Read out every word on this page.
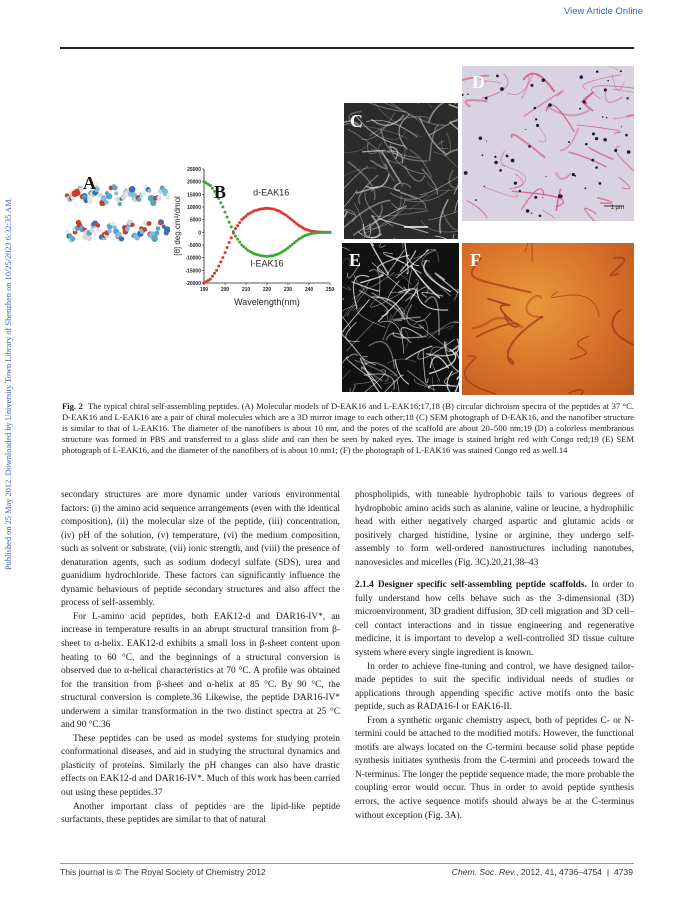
View Article Online
Published on 25 May 2012. Downloaded by University Town Library of Shenzhen on 10/25/2023 6:32:35 AM.
A
25000
20000
15000
10000
5000
0
-5000
-10000
-15000
-20000
190	200	210	220	230	240	250
Wavelength(nm)
[θ] deg.cm²/dmol
d-EAK16
l-EAK16
B
C
D
1 μm
E	F
Fig. 2 The typical chiral self-assembling peptides. (A) Molecular models of D-EAK16 and L-EAK16;17,18 (B) circular dichroism spectra of the peptides at 37 °C. D-EAK16 and L-EAK16 are a pair of chiral molecules which are a 3D mirror image to each other;18 (C) SEM photograph of D-EAK16, and the nanofiber structure is similar to that of L-EAK16. The diameter of the nanofibers is about 10 nm, and the pores of the scaffold are about 20–500 nm;19 (D) a colorless membranous structure was formed in PBS and transferred to a glass slide and can then be seen by naked eyes. The image is stained bright red with Congo red;19 (E) SEM photograph of L-EAK16, and the diameter of the nanofibers of is about 10 nm1; (F) the photograph of L-EAK16 was stained Congo red as well.14

secondary structures are more dynamic under various environmental factors: (i) the amino acid sequence arrangements (even with the identical composition), (ii) the molecular size of the peptide, (iii) concentration, (iv) pH of the solution, (v) temperature, (vi) the medium composition, such as solvent or substrate, (vii) ionic strength, and (viii) the presence of denaturation agents, such as sodium dodecyl sulfate (SDS), urea and guanidium hydrochloride. These factors can significantly influence the dynamic behaviours of peptide secondary structures and also affect the process of self-assembly.

For L-amino acid peptides, both EAK12-d and DAR16-IV*, an increase in temperature results in an abrupt structural transition from β-sheet to α-helix. EAK12-d exhibits a small loss in β-sheet content upon heating to 60 °C, and the beginnings of a structural conversion is observed due to α-helical characteristics at 70 °C. A profile was obtained for the transition from β-sheet and α-helix at 85 °C. By 90 °C, the structural conversion is complete.36 Likewise, the peptide DAR16-IV* underwent a similar transformation in the two distinct spectra at 25 °C and 90 °C.36

These peptides can be used as model systems for studying protein conformational diseases, and aid in studying the structural dynamics and plasticity of proteins. Similarly the pH changes can also have drastic effects on EAK12-d and DAR16-IV*. Much of this work has been carried out using these peptides.37

Another important class of peptides are the lipid-like peptide surfactants, these peptides are similar to that of natural

phospholipids, with tuneable hydrophobic tails to various degrees of hydrophobic amino acids such as alanine, valine or leucine, a hydrophilic head with either negatively charged aspartic and glutamic acids or positively charged histidine, lysine or arginine, they undergo self-assembly to form well-ordered nanostructures including nanotubes, nanovesicles and micelles (Fig. 3C).20,21,38–43

2.1.4 Designer specific self-assembling peptide scaffolds. In order to fully understand how cells behave such as the 3-dimensional (3D) microenvironment, 3D gradient diffusion, 3D cell migration and 3D cell–cell contact interactions and in tissue engineering and regenerative medicine, it is important to develop a well-controlled 3D tissue culture system where every single ingredient is known.

In order to achieve fine-tuning and control, we have designed tailor-made peptides to suit the specific individual needs of studies or applications through appending specific active motifs onto the basic peptide, such as RADA16-I or EAK16-II.

From a synthetic organic chemistry aspect, both of peptides C- or N-termini could be attached to the modified motifs. However, the functional motifs are always located on the C-termini because solid phase peptide synthesis initiates synthesis from the C-termini and proceeds toward the N-terminus. The longer the peptide sequence made, the more probable the coupling error would occur. Thus in order to avoid peptide synthesis errors, the active sequence motifs should always be at the C-terminus without exception (Fig. 3A).

This journal is © The Royal Society of Chemistry 2012	Chem. Soc. Rev., 2012, 41, 4736–4754  |  4739
